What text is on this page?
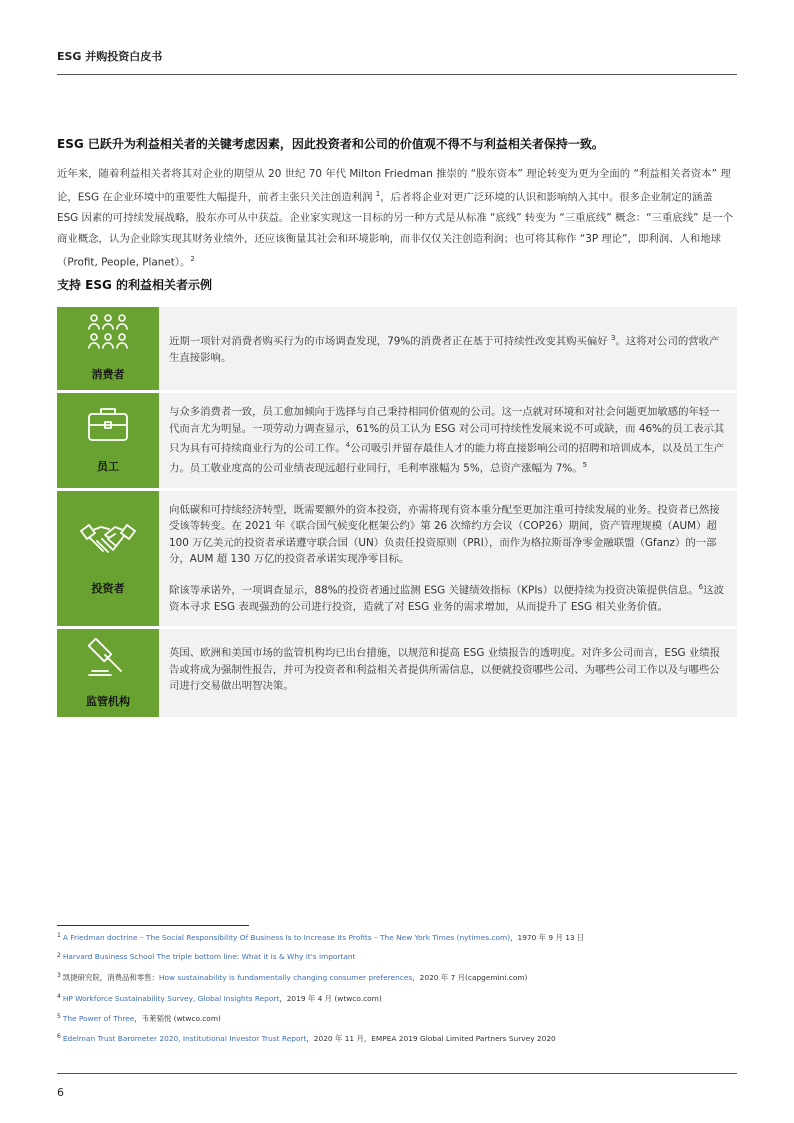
ESG 并购投资白皮书
ESG 已跃升为利益相关者的关键考虑因素，因此投资者和公司的价值观不得不与利益相关者保持一致。
近年来，随着利益相关者将其对企业的期望从 20 世纪 70 年代 Milton Friedman 推崇的 “股东资本” 理论转变为更为全面的 “利益相关者资本” 理论，ESG 在企业环境中的重要性大幅提升，前者主张只关注创造利润 $^1$，后者将企业对更广泛环境的认识和影响纳入其中。很多企业制定的涵盖 ESG 因素的可持续发展战略，股东亦可从中获益。企业家实现这一目标的另一种方式是从标准 “底线” 转变为 “三重底线” 概念：“三重底线” 是一个商业概念，认为企业除实现其财务业绩外，还应该衡量其社会和环境影响，而非仅仅关注创造利润；也可将其称作 “3P 理论”，即利润、人和地球（Profit, People, Planet）。$^2$
支持 ESG 的利益相关者示例
消费者

近期一项针对消费者购买行为的市场调查发现，79%的消费者正在基于可持续性改变其购买偏好 $^3$。这将对公司的营收产生直接影响。

员工

与众多消费者一致，员工愈加倾向于选择与自己秉持相同价值观的公司。这一点就对环境和对社会问题更加敏感的年轻一代而言尤为明显。一项劳动力调查显示，61%的员工认为 ESG 对公司可持续性发展来说不可或缺，而 46%的员工表示其只为具有可持续商业行为的公司工作。$^4$公司吸引并留存最佳人才的能力将直接影响公司的招聘和培训成本，以及员工生产力。员工敬业度高的公司业绩表现远超行业同行，毛利率涨幅为 5%，总资产涨幅为 7%。$^5$

投资者

向低碳和可持续经济转型，既需要额外的资本投资，亦需将现有资本重分配至更加注重可持续发展的业务。投资者已然接受该等转变。在 2021 年《联合国气候变化框架公约》第 26 次缔约方会议（COP26）期间，资产管理规模（AUM）超 100 万亿美元的投资者承诺遵守联合国（UN）负责任投资原则（PRI），而作为格拉斯哥净零金融联盟（Gfanz）的一部分，AUM 超 130 万亿的投资者承诺实现净零目标。

除该等承诺外，一项调查显示，88%的投资者通过监测 ESG 关键绩效指标（KPIs）以便持续为投资决策提供信息。$^6$这波资本寻求 ESG 表现强劲的公司进行投资，造就了对 ESG 业务的需求增加，从而提升了 ESG 相关业务价值。

监管机构

英国、欧洲和美国市场的监管机构均已出台措施，以规范和提高 ESG 业绩报告的透明度。对许多公司而言，ESG 业绩报告或将成为强制性报告，并可为投资者和利益相关者提供所需信息，以便就投资哪些公司、为哪些公司工作以及与哪些公司进行交易做出明智决策。

$^1$ A Friedman doctrine – The Social Responsibility Of Business Is to Increase Its Profits – The New York Times (nytimes.com)，1970 年 9 月 13 日
$^2$ Harvard Business School The triple bottom line: What it is & Why it's important
$^3$ 凯捷研究院，消费品和零售：How sustainability is fundamentally changing consumer preferences，2020 年 7 月(capgemini.com)
$^4$ HP Workforce Sustainability Survey, Global Insights Report，2019 年 4 月 (wtwco.com)
$^5$ The Power of Three，韦莱韬悦 (wtwco.com)
$^6$ Edelman Trust Barometer 2020, Institutional Investor Trust Report，2020 年 11 月，EMPEA 2019 Global Limited Partners Survey 2020
6
